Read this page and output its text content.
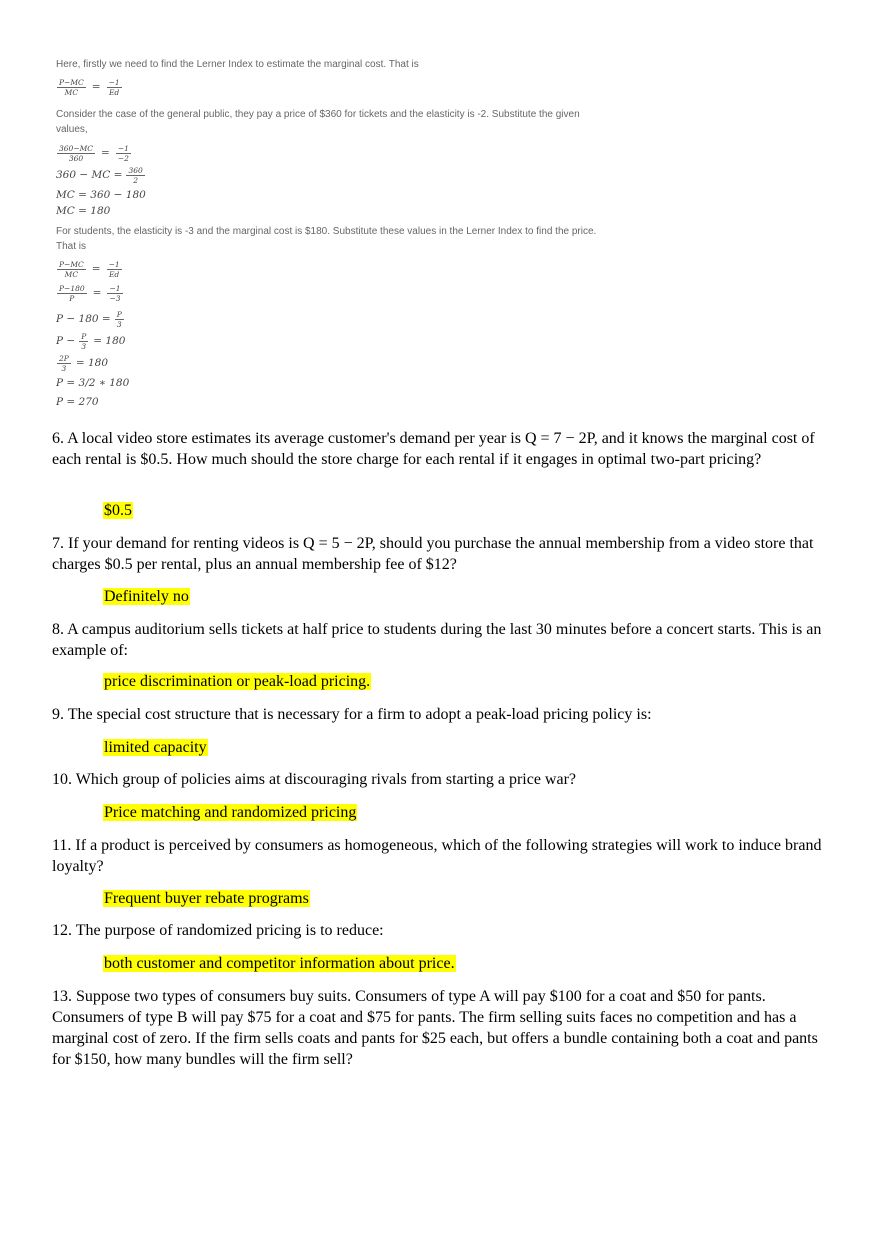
Here, firstly we need to find the Lerner Index to estimate the marginal cost. That is
$\frac{P-MC}{MC} = \frac{-1}{Ed}$
Consider the case of the general public, they pay a price of $360 for tickets and the elasticity is -2. Substitute the given values,
$\frac{360-MC}{360} = \frac{-1}{-2}$
360 − MC = $\frac{360}{2}$
MC = 360 − 180
MC = 180
For students, the elasticity is -3 and the marginal cost is $180. Substitute these values in the Lerner Index to find the price. That is
$\frac{P-MC}{MC} = \frac{-1}{Ed}$
$\frac{P-180}{P} = \frac{-1}{-3}$
$P - 180 = \frac{P}{3}$
$P - \frac{P}{3} = 180$
$\frac{2P}{3} = 180$
P = 3/2 ∗ 180
P = 270
6. A local video store estimates its average customer's demand per year is Q = 7 − 2P, and it knows the marginal cost of each rental is $0.5. How much should the store charge for each rental if it engages in optimal two-part pricing?
$0.5
7. If your demand for renting videos is Q = 5 − 2P, should you purchase the annual membership from a video store that charges $0.5 per rental, plus an annual membership fee of $12?
Definitely no
8. A campus auditorium sells tickets at half price to students during the last 30 minutes before a concert starts. This is an example of:
price discrimination or peak-load pricing.
9. The special cost structure that is necessary for a firm to adopt a peak-load pricing policy is:
limited capacity
10. Which group of policies aims at discouraging rivals from starting a price war?
Price matching and randomized pricing
11. If a product is perceived by consumers as homogeneous, which of the following strategies will work to induce brand loyalty?
Frequent buyer rebate programs
12. The purpose of randomized pricing is to reduce:
both customer and competitor information about price.
13. Suppose two types of consumers buy suits. Consumers of type A will pay $100 for a coat and $50 for pants. Consumers of type B will pay $75 for a coat and $75 for pants. The firm selling suits faces no competition and has a marginal cost of zero. If the firm sells coats and pants for $25 each, but offers a bundle containing both a coat and pants for $150, how many bundles will the firm sell?
